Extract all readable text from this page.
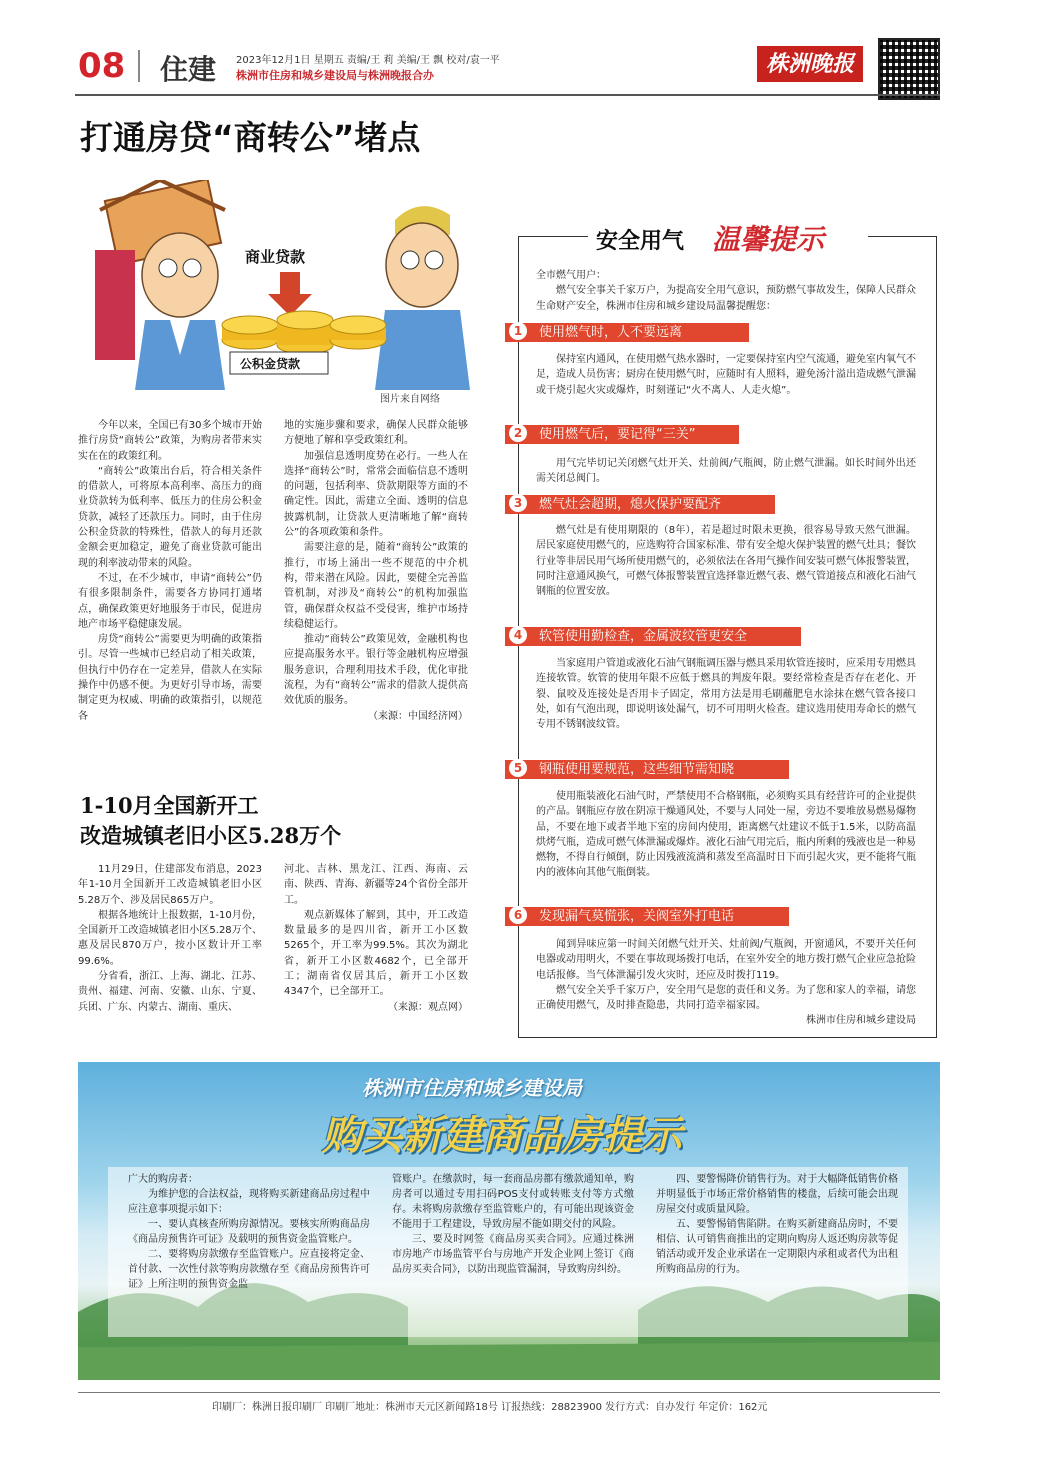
08 住建 2023年12月1日 星期五 责编/王 莉 美编/王 飘 校对/袁一平
株洲市住房和城乡建设局与株洲晚报合办	株洲晚报
打通房贷“商转公”堵点
商业贷款
公积金贷款
图片来自网络

今年以来，全国已有30多个城市开始推行房贷“商转公”政策，为购房者带来实实在在的政策红利。

“商转公”政策出台后，符合相关条件的借款人，可将原本高利率、高压力的商业贷款转为低利率、低压力的住房公积金贷款，减轻了还款压力。同时，由于住房公积金贷款的特殊性，借款人的每月还款金额会更加稳定，避免了商业贷款可能出现的利率波动带来的风险。

不过，在不少城市，申请“商转公”仍有很多限制条件，需要各方协同打通堵点，确保政策更好地服务于市民，促进房地产市场平稳健康发展。

房贷“商转公”需要更为明确的政策指引。尽管一些城市已经启动了相关政策，但执行中仍存在一定差异，借款人在实际操作中仍感不便。为更好引导市场，需要制定更为权威、明确的政策指引，以规范各

地的实施步骤和要求，确保人民群众能够方便地了解和享受政策红利。

加强信息透明度势在必行。一些人在选择“商转公”时，常常会面临信息不透明的问题，包括利率、贷款期限等方面的不确定性。因此，需建立全面、透明的信息披露机制，让贷款人更清晰地了解“商转公”的各项政策和条件。

需要注意的是，随着“商转公”政策的推行，市场上涌出一些不规范的中介机构，带来潜在风险。因此，要健全完善监管机制，对涉及“商转公”的机构加强监管，确保群众权益不受侵害，维护市场持续稳健运行。

推动“商转公”政策见效，金融机构也应提高服务水平。银行等金融机构应增强服务意识，合理利用技术手段，优化审批流程，为有“商转公”需求的借款人提供高效优质的服务。

（来源：中国经济网）
1-10月全国新开工
改造城镇老旧小区5.28万个

11月29日，住建部发布消息，2023年1-10月全国新开工改造城镇老旧小区5.28万个、涉及居民865万户。

根据各地统计上报数据，1-10月份，全国新开工改造城镇老旧小区5.28万个、惠及居民870万户，按小区数计开工率99.6%。

分省看，浙江、上海、湖北、江苏、贵州、福建、河南、安徽、山东、宁夏、兵团、广东、内蒙古、湖南、重庆、

河北、吉林、黑龙江、江西、海南、云南、陕西、青海、新疆等24个省份全部开工。

观点新媒体了解到，其中，开工改造数量最多的是四川省，新开工小区数5265个，开工率为99.5%。其次为湖北省，新开工小区数4682个，已全部开工；湖南省仅居其后，新开工小区数4347个，已全部开工。

（来源：观点网）
安全用气 温馨提示
全市燃气用户：

燃气安全事关千家万户，为提高安全用气意识，预防燃气事故发生，保障人民群众生命财产安全，株洲市住房和城乡建设局温馨提醒您：

1	使用燃气时，人不要远离

保持室内通风，在使用燃气热水器时，一定要保持室内空气流通，避免室内氧气不足，造成人员伤害；厨房在使用燃气时，应随时有人照料，避免汤汁溢出造成燃气泄漏或干烧引起火灾或爆炸，时刻谨记“火不离人、人走火熄”。

2	使用燃气后，要记得“三关”

用气完毕切记关闭燃气灶开关、灶前阀/气瓶阀，防止燃气泄漏。如长时间外出还需关闭总阀门。

3	燃气灶会超期，熄火保护要配齐

燃气灶是有使用期限的（8年），若是超过时限未更换，很容易导致天然气泄漏。居民家庭使用燃气的，应选购符合国家标准、带有安全熄火保护装置的燃气灶具；餐饮行业等非居民用气场所使用燃气的，必须依法在各用气操作间安装可燃气体报警装置，同时注意通风换气，可燃气体报警装置宜选择靠近燃气表、燃气管道接点和液化石油气钢瓶的位置安放。

4	软管使用勤检查，金属波纹管更安全

当家庭用户管道或液化石油气钢瓶调压器与燃具采用软管连接时，应采用专用燃具连接软管。软管的使用年限不应低于燃具的判废年限。要经常检查是否存在老化、开裂、鼠咬及连接处是否用卡子固定，常用方法是用毛刷蘸肥皂水涂抹在燃气管各接口处，如有气泡出现，即说明该处漏气，切不可用明火检查。建议选用使用寿命长的燃气专用不锈钢波纹管。

5	钢瓶使用要规范，这些细节需知晓

使用瓶装液化石油气时，严禁使用不合格钢瓶，必须购买具有经营许可的企业提供的产品。钢瓶应存放在阴凉干燥通风处，不要与人同处一屋，旁边不要堆放易燃易爆物品，不要在地下或者半地下室的房间内使用，距离燃气灶建议不低于1.5米，以防高温烘烤气瓶，造成可燃气体泄漏或爆炸。液化石油气用完后，瓶内所剩的残液也是一种易燃物，不得自行倾倒，防止因残液流淌和蒸发至高温时日下而引起火灾，更不能将气瓶内的液体向其他气瓶倒装。

6	发现漏气莫慌张，关阀室外打电话

闻到异味应第一时间关闭燃气灶开关、灶前阀/气瓶阀，开窗通风，不要开关任何电器或动用明火，不要在事故现场拨打电话，在室外安全的地方拨打燃气企业应急抢险电话报修。当气体泄漏引发火灾时，还应及时拨打119。

燃气安全关乎千家万户，安全用气是您的责任和义务。为了您和家人的幸福，请您正确使用燃气，及时排查隐患，共同打造幸福家园。

株洲市住房和城乡建设局
株洲市住房和城乡建设局
购买新建商品房提示

广大的购房者：

为维护您的合法权益，现将购买新建商品房过程中应注意事项提示如下：

一、要认真核查所购房源情况。要核实所购商品房《商品房预售许可证》及载明的预售资金监管账户。

二、要将购房款缴存至监管账户。应直接将定金、首付款、一次性付款等购房款缴存至《商品房预售许可证》上所注明的预售资金监

管账户。在缴款时，每一套商品房都有缴款通知单，购房者可以通过专用扫码POS支付或转账支付等方式缴存。未将购房款缴存至监管账户的，有可能出现该资金不能用于工程建设，导致房屋不能如期交付的风险。

三、要及时网签《商品房买卖合同》。应通过株洲市房地产市场监管平台与房地产开发企业网上签订《商品房买卖合同》，以防出现监管漏洞，导致购房纠纷。

四、要警惕降价销售行为。对于大幅降低销售价格并明显低于市场正常价格销售的楼盘，后续可能会出现房屋交付或质量风险。

五、要警惕销售陷阱。在购买新建商品房时，不要相信、认可销售商推出的定期向购房人返还购房款等促销活动或开发企业承诺在一定期限内承租或者代为出租所购商品房的行为。

印刷厂：株洲日报印刷厂 印刷厂地址：株洲市天元区新闻路18号 订报热线：28823900 发行方式：自办发行 年定价：162元
